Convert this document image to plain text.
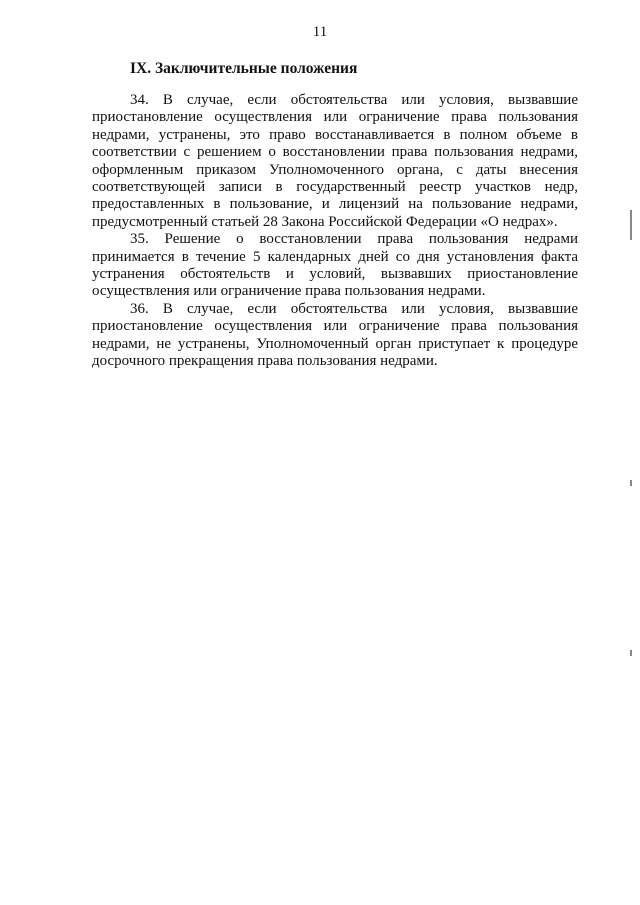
11
IX. Заключительные положения

34. В случае, если обстоятельства или условия, вызвавшие приостановление осуществления или ограничение права пользования недрами, устранены, это право восстанавливается в полном объеме в соответствии с решением о восстановлении права пользования недрами, оформленным приказом Уполномоченного органа, с даты внесения соответствующей записи в государственный реестр участков недр, предоставленных в пользование, и лицензий на пользование недрами, предусмотренный статьей 28 Закона Российской Федерации «О недрах».

35. Решение о восстановлении права пользования недрами принимается в течение 5 календарных дней со дня установления факта устранения обстоятельств и условий, вызвавших приостановление осуществления или ограничение права пользования недрами.

36. В случае, если обстоятельства или условия, вызвавшие приостановление осуществления или ограничение права пользования недрами, не устранены, Уполномоченный орган приступает к процедуре досрочного прекращения права пользования недрами.
